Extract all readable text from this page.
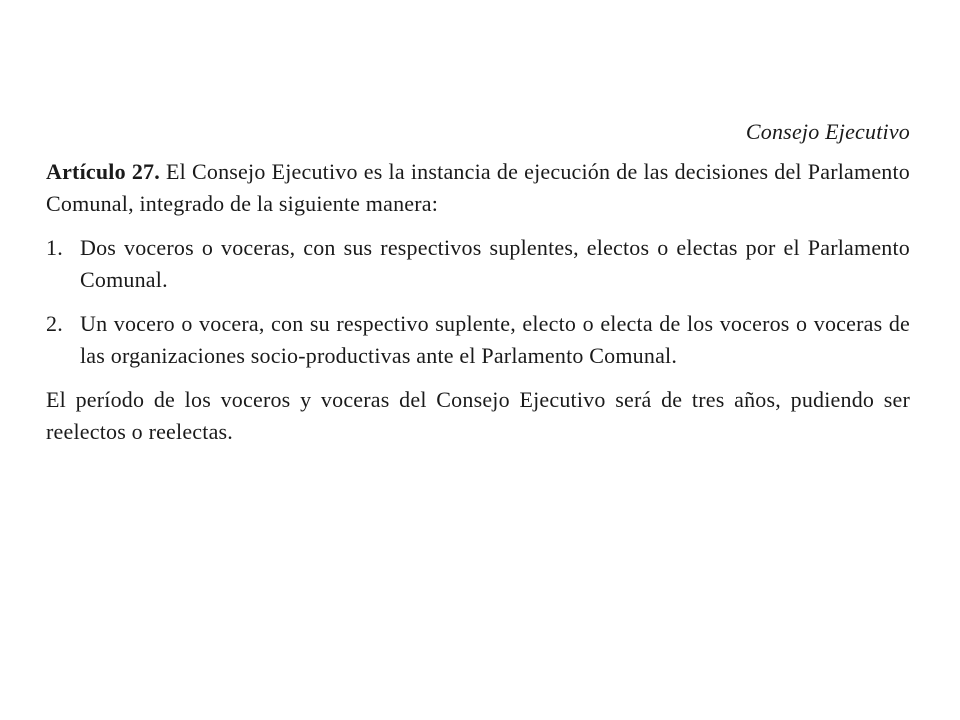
Consejo Ejecutivo

Artículo 27. El Consejo Ejecutivo es la instancia de ejecución de las decisiones del Parlamento Comunal, integrado de la siguiente manera:

1. Dos voceros o voceras, con sus respectivos suplentes, electos o electas por el Parlamento Comunal.
2. Un vocero o vocera, con su respectivo suplente, electo o electa de los voceros o voceras de las organizaciones socio-productivas ante el Parlamento Comunal.

El período de los voceros y voceras del Consejo Ejecutivo será de tres años, pudiendo ser reelectos o reelectas.
